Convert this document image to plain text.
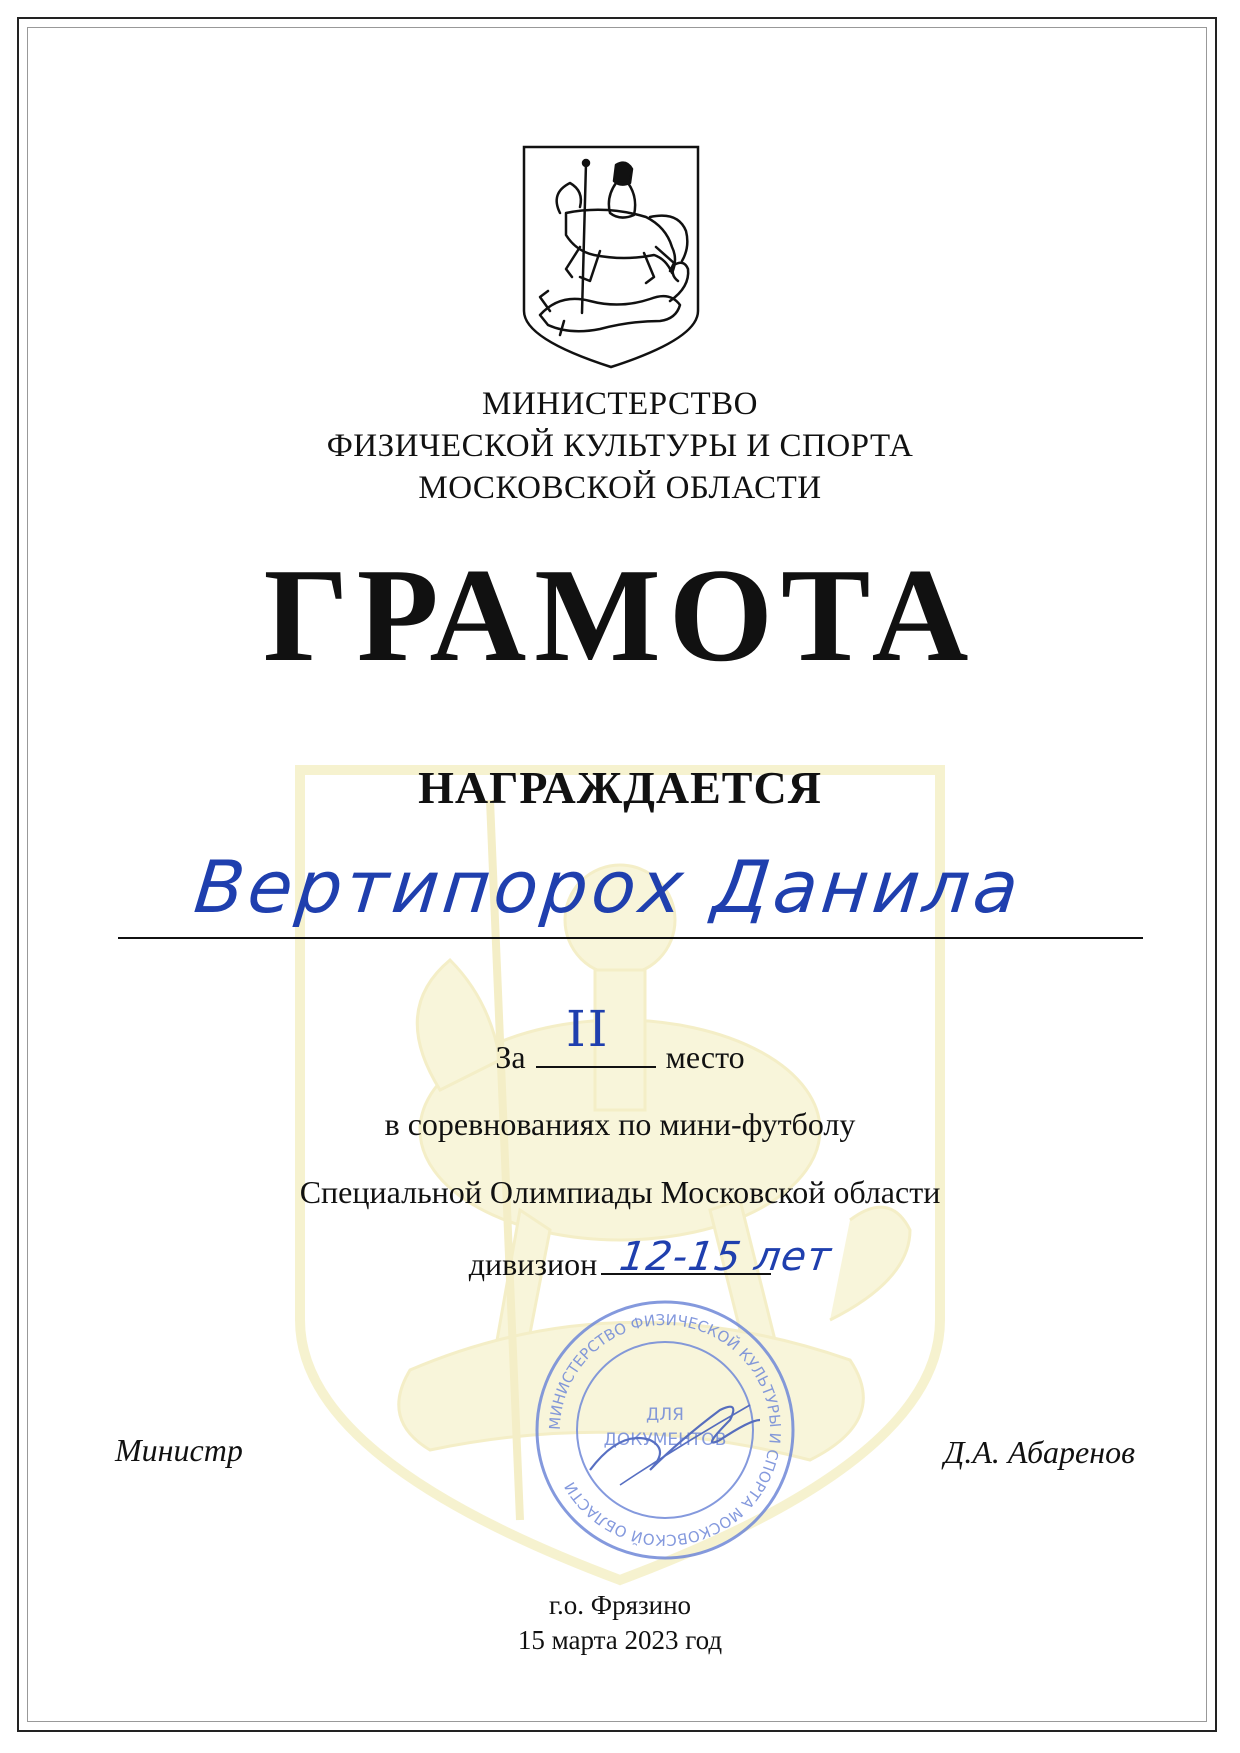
МИНИСТЕРСТВО
ФИЗИЧЕСКОЙ КУЛЬТУРЫ И СПОРТА
МОСКОВСКОЙ ОБЛАСТИ
ГРАМОТА
НАГРАЖДАЕТСЯ
Вертипорох Данила
За	место
II
в соревнованиях по мини-футболу
Специальной Олимпиады Московской области
дивизион 12-15 лет
Министр	Д.А. Абаренов
МИНИСТЕРСТВО ФИЗИЧЕСКОЙ КУЛЬТУРЫ И СПОРТА МОСКОВСКОЙ ОБЛАСТИ
ДЛЯ
ДОКУМЕНТОВ
г.о. Фрязино
15 марта 2023 год
